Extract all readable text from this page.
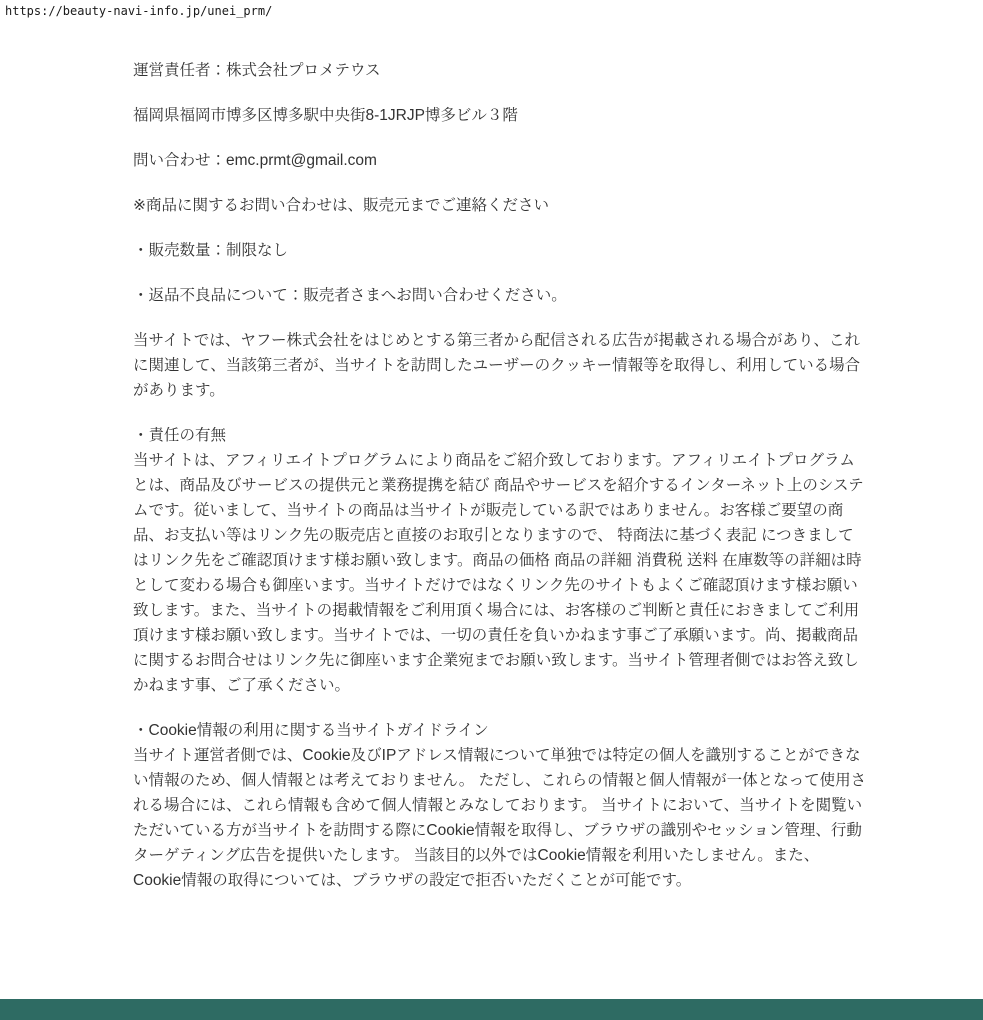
https://beauty-navi-info.jp/unei_prm/

運営責任者：株式会社プロメテウス

福岡県福岡市博多区博多駅中央街8-1JRJP博多ビル３階

問い合わせ：emc.prmt@gmail.com

※商品に関するお問い合わせは、販売元までご連絡ください

・販売数量：制限なし

・返品不良品について：販売者さまへお問い合わせください。

当サイトでは、ヤフー株式会社をはじめとする第三者から配信される広告が掲載される場合があり、これに関連して、当該第三者が、当サイトを訪問したユーザーのクッキー情報等を取得し、利用している場合があります。

・責任の有無
当サイトは、アフィリエイトプログラムにより商品をご紹介致しております。アフィリエイトプログラムとは、商品及びサービスの提供元と業務提携を結び 商品やサービスを紹介するインターネット上のシステムです。従いまして、当サイトの商品は当サイトが販売している訳ではありません。お客様ご要望の商品、お支払い等はリンク先の販売店と直接のお取引となりますので、 特商法に基づく表記 につきましてはリンク先をご確認頂けます様お願い致します。商品の価格 商品の詳細 消費税 送料 在庫数等の詳細は時として変わる場合も御座います。当サイトだけではなくリンク先のサイトもよくご確認頂けます様お願い致します。また、当サイトの掲載情報をご利用頂く場合には、お客様のご判断と責任におきましてご利用頂けます様お願い致します。当サイトでは、一切の責任を負いかねます事ご了承願います。尚、掲載商品に関するお問合せはリンク先に御座います企業宛までお願い致します。当サイト管理者側ではお答え致しかねます事、ご了承ください。
・Cookie情報の利用に関する当サイトガイドライン
当サイト運営者側では、Cookie及びIPアドレス情報について単独では特定の個人を識別することができない情報のため、個人情報とは考えておりません。 ただし、これらの情報と個人情報が一体となって使用される場合には、これら情報も含めて個人情報とみなしております。 当サイトにおいて、当サイトを閲覧いただいている方が当サイトを訪問する際にCookie情報を取得し、ブラウザの識別やセッション管理、行動ターゲティング広告を提供いたします。 当該目的以外ではCookie情報を利用いたしません。また、Cookie情報の取得については、ブラウザの設定で拒否いただくことが可能です。
